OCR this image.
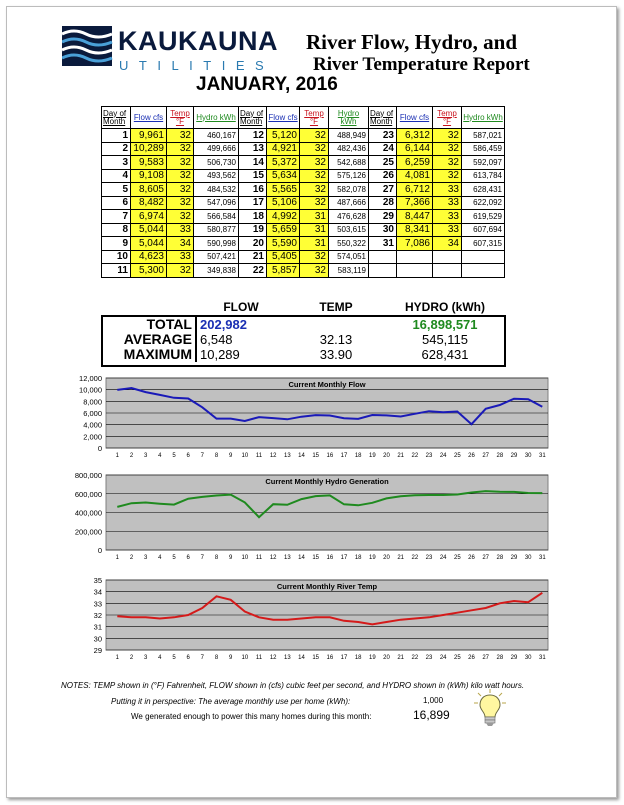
KAUKAUNA
UTILITIES
River Flow, Hydro, and
River Temperature Report
JANUARY, 2016
Day of Month	Flow cfs	Temp °F	Hydro kWh	Day of Month	Flow cfs	Temp °F	Hydro kWh	Day of Month	Flow cfs	Temp °F	Hydro kWh
1	9,961	32	460,167	12	5,120	32	488,949	23	6,312	32	587,021
2	10,289	32	499,666	13	4,921	32	482,436	24	6,144	32	586,459
3	9,583	32	506,730	14	5,372	32	542,688	25	6,259	32	592,097
4	9,108	32	493,562	15	5,634	32	575,126	26	4,081	32	613,784
5	8,605	32	484,532	16	5,565	32	582,078	27	6,712	33	628,431
6	8,482	32	547,096	17	5,106	32	487,666	28	7,366	33	622,092
7	6,974	32	566,584	18	4,992	31	476,628	29	8,447	33	619,529
8	5,044	33	580,877	19	5,659	31	503,615	30	8,341	33	607,694
9	5,044	34	590,998	20	5,590	31	550,322	31	7,086	34	607,315
10	4,623	33	507,421	21	5,405	32	574,051				
11	5,300	32	349,838	22	5,857	32	583,119				
	FLOW	TEMP	HYDRO (kWh)
TOTAL	202,982		16,898,571
AVERAGE	6,548	32.13	545,115
MAXIMUM	10,289	33.90	628,431
0
2,000
4,000
6,000
8,000
10,000
12,000
1 2 3 4 5 6 7 8 9 10 11 12 13 14 15 16 17 18 19 20 21 22 23 24 25 26 27 28 29 30 31
Current Monthly Flow
0
200,000
400,000
600,000
800,000
1 2 3 4 5 6 7 8 9 10 11 12 13 14 15 16 17 18 19 20 21 22 23 24 25 26 27 28 29 30 31
Current Monthly Hydro Generation
29
30
31
32
33
34
35
1 2 3 4 5 6 7 8 9 10 11 12 13 14 15 16 17 18 19 20 21 22 23 24 25 26 27 28 29 30 31
Current Monthly River Temp
NOTES: TEMP shown in (°F) Fahrenheit, FLOW shown in (cfs) cubic feet per second, and HYDRO shown in (kWh) kilo watt hours.
Putting it in perspective: The average monthly use per home (kWh):
We generated enough to power this many homes during this month:
1,000
16,899
